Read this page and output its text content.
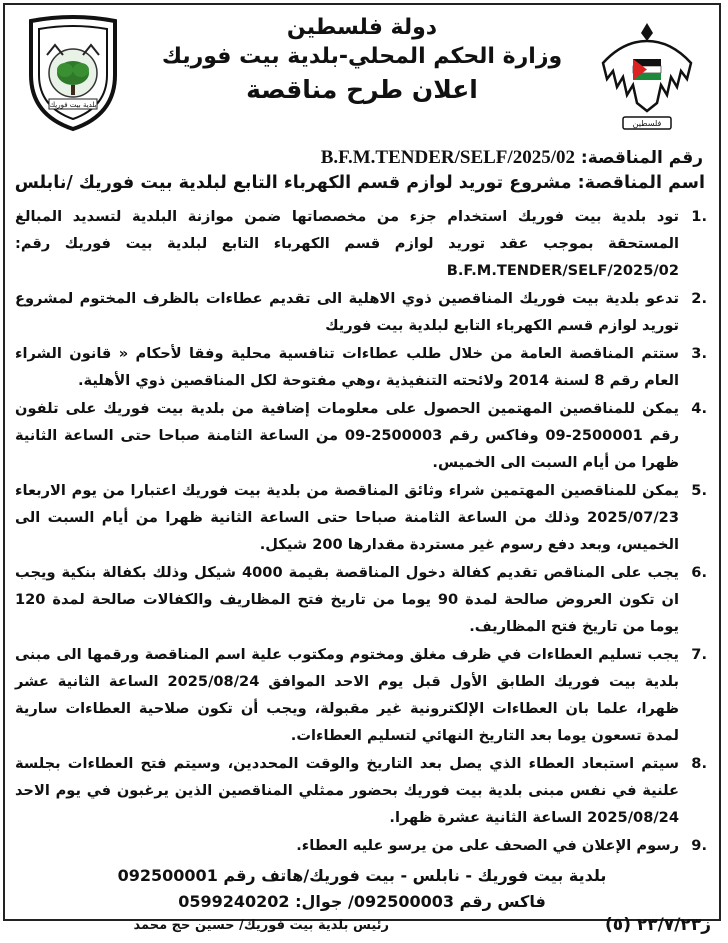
بلدية بيت فوريك
دولة فلسطين
وزارة الحكم المحلي-بلدية بيت فوريك
اعلان طرح مناقصة
فلسطين
رقم المناقصة: B.F.M.TENDER/SELF/2025/02
اسم المناقصة: مشروع توريد لوازم قسم الكهرباء التابع لبلدية بيت فوريك /نابلس
1.
تود بلدية بيت فوريك استخدام جزء من مخصصاتها ضمن موازنة البلدية لتسديد المبالغ المستحقة بموجب عقد توريد لوازم قسم الكهرباء التابع لبلدية بيت فوريك رقم: B.F.M.TENDER/SELF/2025/02
2.
تدعو بلدية بيت فوريك المناقصين ذوي الاهلية الى تقديم عطاءات بالظرف المختوم لمشروع توريد لوازم قسم الكهرباء التابع لبلدية بيت فوريك
3.
ستتم المناقصة العامة من خلال طلب عطاءات تنافسية محلية وفقا لأحكام « قانون الشراء العام رقم 8 لسنة 2014 ولائحته التنفيذية ،وهي مفتوحة لكل المناقصين ذوي الأهلية.
4.
يمكن للمناقصين المهتمين الحصول على معلومات إضافية من بلدية بيت فوريك على تلفون رقم 2500001-09 وفاكس رقم 2500003-09 من الساعة الثامنة صباحا حتى الساعة الثانية ظهرا من أيام السبت الى الخميس.
5.
يمكن للمناقصين المهتمين شراء وثائق المناقصة من بلدية بيت فوريك اعتبارا من يوم الاربعاء 2025/07/23 وذلك من الساعة الثامنة صباحا حتى الساعة الثانية ظهرا من أيام السبت الى الخميس، وبعد دفع رسوم غير مستردة مقدارها 200 شيكل.
6.
يجب على المناقص تقديم كفالة دخول المناقصة بقيمة 4000 شيكل وذلك بكفالة بنكية ويجب ان تكون العروض صالحة لمدة 90 يوما من تاريخ فتح المظاريف والكفالات صالحة لمدة 120 يوما من تاريخ فتح المظاريف.
7.
يجب تسليم العطاءات في ظرف مغلق ومختوم ومكتوب علية اسم المناقصة ورقمها الى مبنى بلدية بيت فوريك الطابق الأول قبل يوم الاحد الموافق 2025/08/24 الساعة الثانية عشر ظهرا، علما بان العطاءات الإلكترونية غير مقبولة، ويجب أن تكون صلاحية العطاءات سارية لمدة تسعون يوما بعد التاريخ النهائي لتسليم العطاءات.
8.
سيتم استبعاد العطاء الذي يصل بعد التاريخ والوقت المحددين، وسيتم فتح العطاءات بجلسة علنية في نفس مبنى بلدية بيت فوريك بحضور ممثلي المناقصين الذين يرغبون في يوم الاحد 2025/08/24 الساعة الثانية عشرة ظهرا.
9.
رسوم الإعلان في الصحف على من يرسو عليه العطاء.
بلدية بيت فوريك - نابلس - بيت فوريك/هاتف رقم 092500001
فاكس رقم 092500003/ جوال: 0599240202
رئيس بلدية بيت فوريك/ حسين حج محمد	ز٢٣/٧/٢٣ (٥)
